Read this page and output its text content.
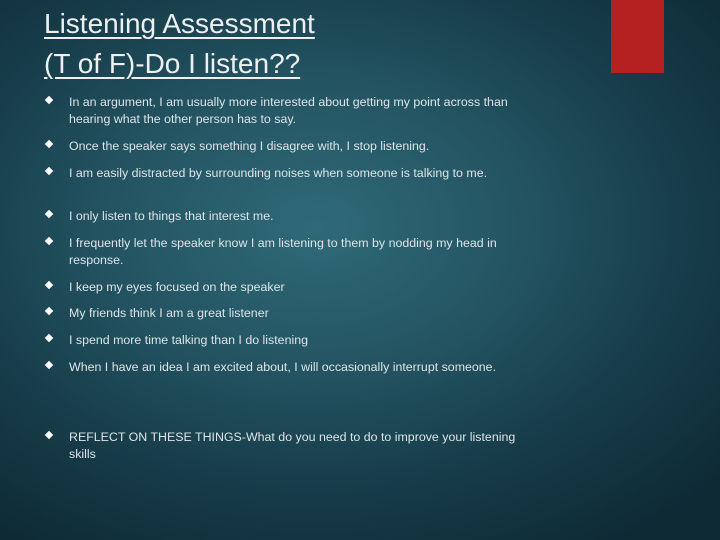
Listening Assessment
(T of F)-Do I listen??
In an argument, I am usually more interested about getting my point across than hearing what the other person has to say.
Once the speaker says something I disagree with, I stop listening.
I am easily distracted by surrounding noises when someone is talking to me.
I only listen to things that interest me.
I frequently let the speaker know I am listening to them by nodding my head in response.
I keep my eyes focused on the speaker
My friends think I am a great listener
I spend more time talking than I do listening
When I have an idea I am excited about, I will occasionally interrupt someone.
REFLECT ON THESE THINGS-What do you need to do to improve your listening skills
